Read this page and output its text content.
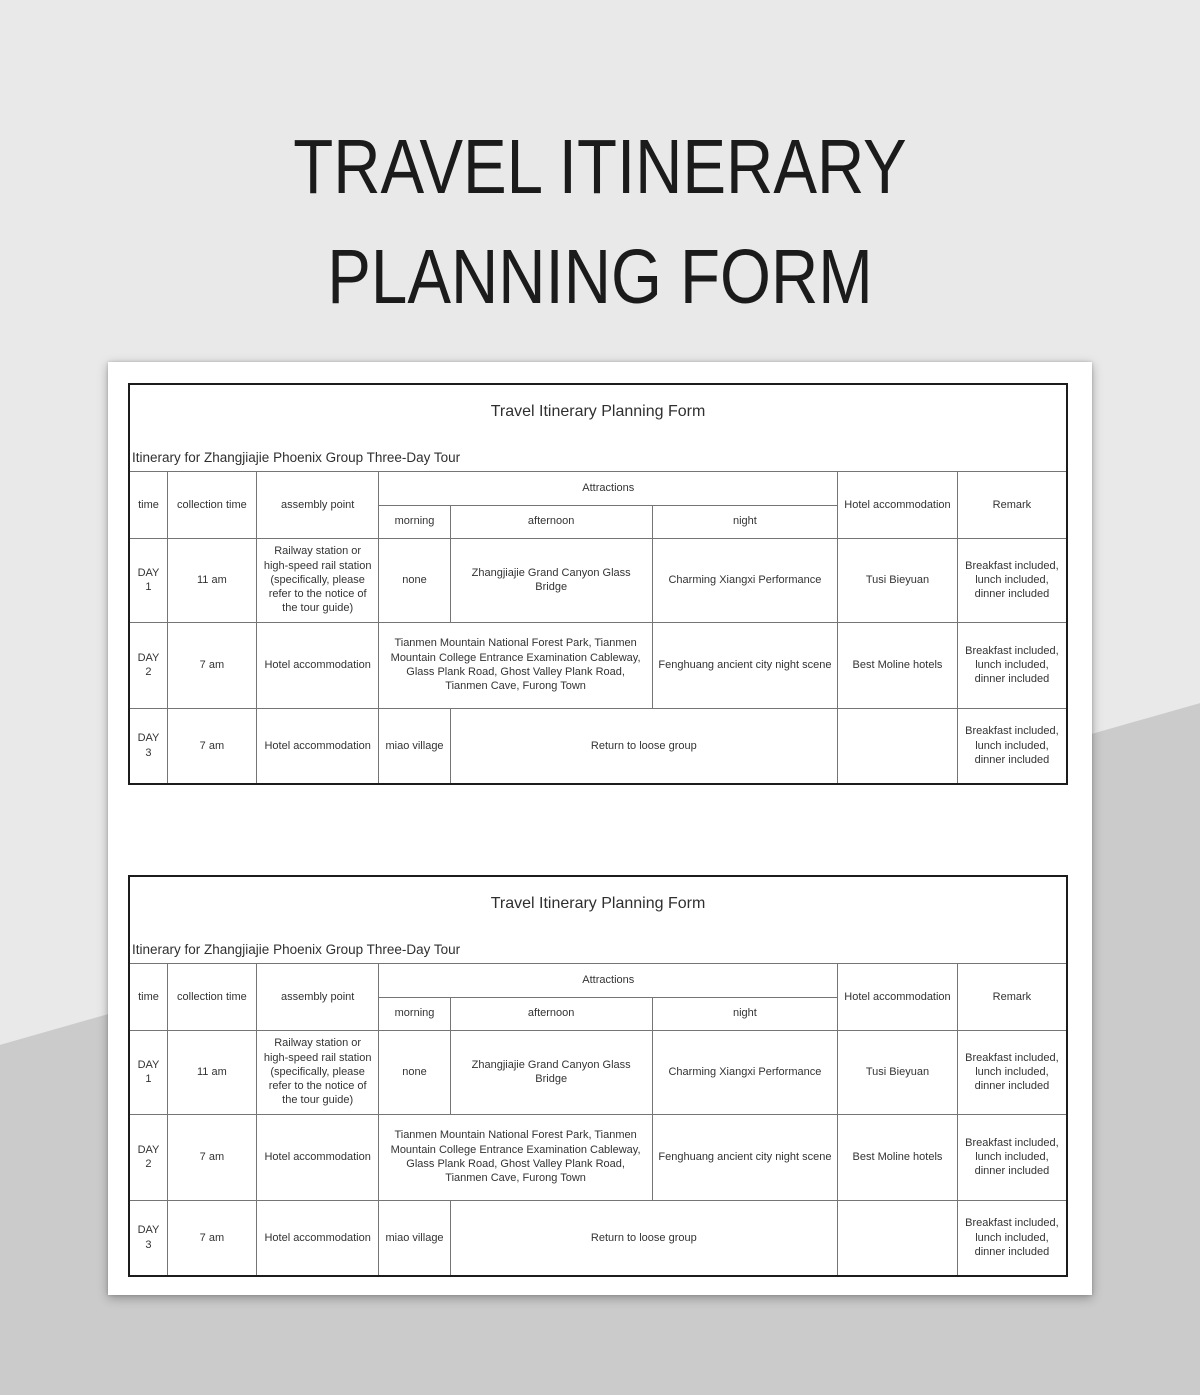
TRAVEL ITINERARY
PLANNING FORM
Travel Itinerary Planning Form
Itinerary for Zhangjiajie Phoenix Group Three-Day Tour
time	collection time	assembly point	Attractions			Hotel accommodation	Remark
			morning	afternoon	night		
DAY 1	11 am	Railway station or high-speed rail station (specifically, please refer to the notice of the tour guide)	none	Zhangjiajie Grand Canyon Glass Bridge	Charming Xiangxi Performance	Tusi Bieyuan	Breakfast included, lunch included, dinner included
DAY 2	7 am	Hotel accommodation	Tianmen Mountain National Forest Park, Tianmen Mountain College Entrance Examination Cableway, Glass Plank Road, Ghost Valley Plank Road, Tianmen Cave, Furong Town		Fenghuang ancient city night scene	Best Moline hotels	Breakfast included, lunch included, dinner included
DAY 3	7 am	Hotel accommodation	miao village	Return to loose group			Breakfast included, lunch included, dinner included
Travel Itinerary Planning Form
Itinerary for Zhangjiajie Phoenix Group Three-Day Tour
time	collection time	assembly point	Attractions			Hotel accommodation	Remark
			morning	afternoon	night		
DAY 1	11 am	Railway station or high-speed rail station (specifically, please refer to the notice of the tour guide)	none	Zhangjiajie Grand Canyon Glass Bridge	Charming Xiangxi Performance	Tusi Bieyuan	Breakfast included, lunch included, dinner included
DAY 2	7 am	Hotel accommodation	Tianmen Mountain National Forest Park, Tianmen Mountain College Entrance Examination Cableway, Glass Plank Road, Ghost Valley Plank Road, Tianmen Cave, Furong Town		Fenghuang ancient city night scene	Best Moline hotels	Breakfast included, lunch included, dinner included
DAY 3	7 am	Hotel accommodation	miao village	Return to loose group			Breakfast included, lunch included, dinner included
